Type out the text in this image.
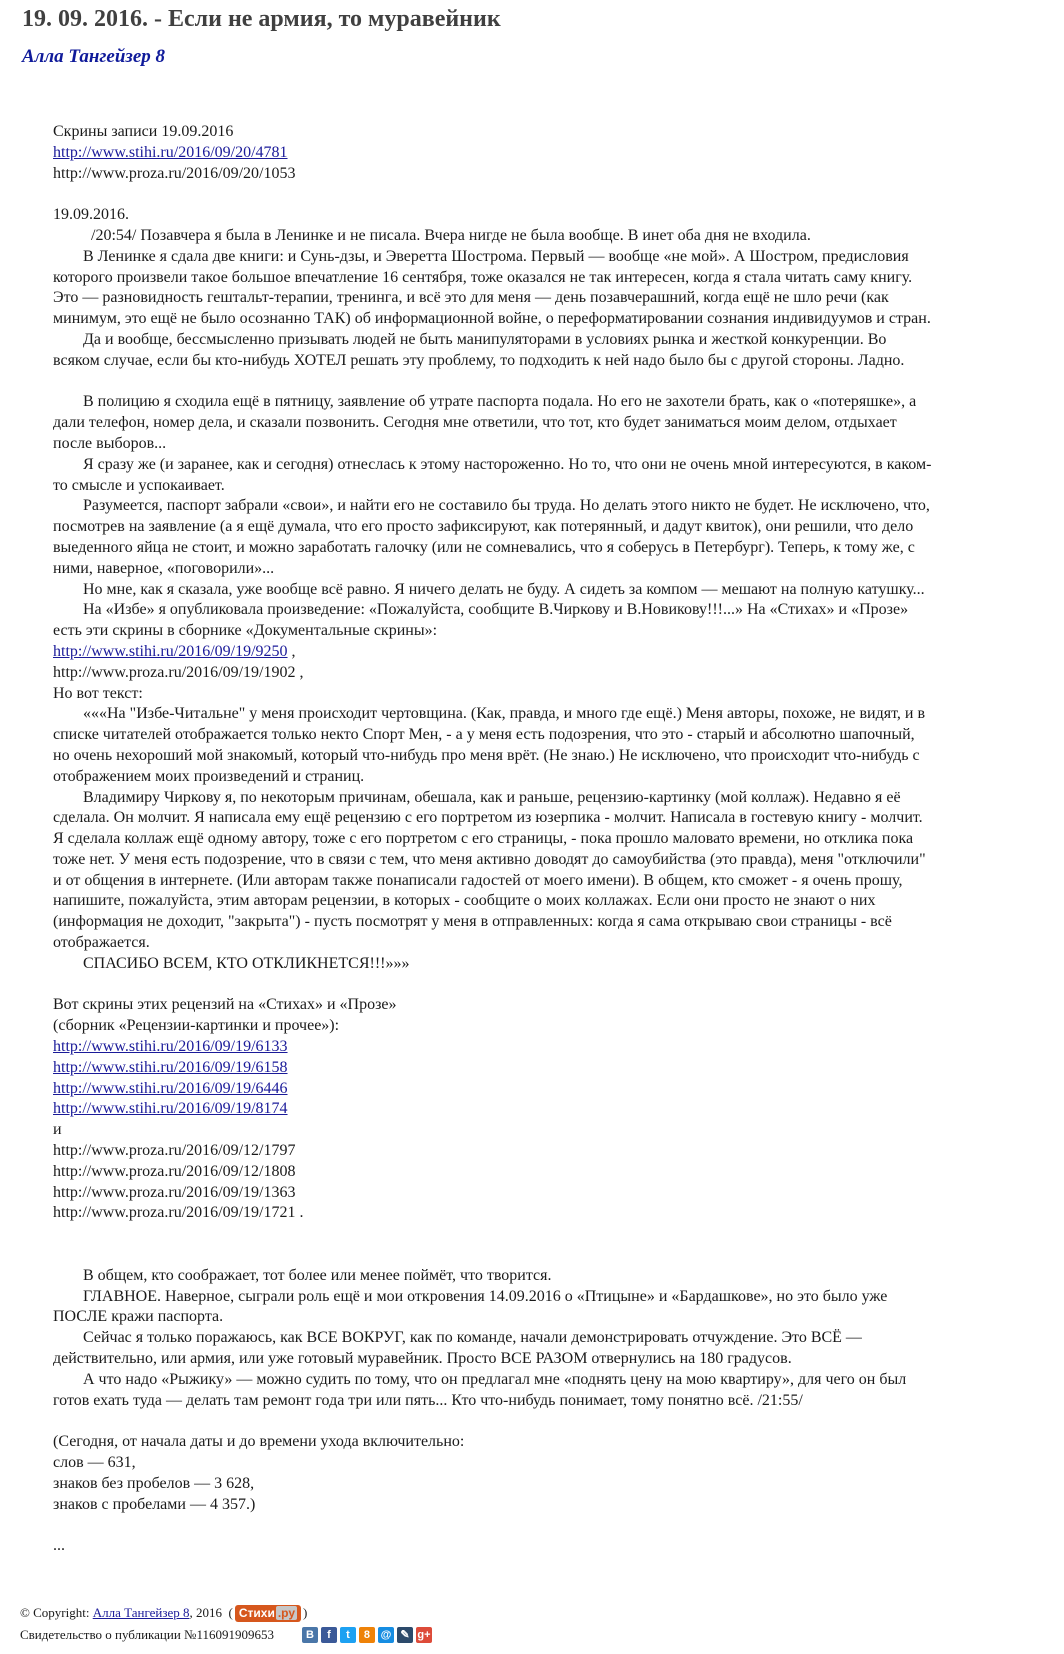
19. 09. 2016. - Если не армия, то муравейник
Алла Тангейзер 8
Скрины записи 19.09.2016
http://www.stihi.ru/2016/09/20/4781
http://www.proza.ru/2016/09/20/1053
19.09.2016.
/20:54/ Позавчера я была в Ленинке и не писала. Вчера нигде не была вообще. В инет оба дня не входила.
В Ленинке я сдала две книги: и Сунь-дзы, и Эверетта Шострома. Первый — вообще «не мой». А Шостром, предисловия
которого произвели такое большое впечатление 16 сентября, тоже оказался не так интересен, когда я стала читать саму книгу.
Это — разновидность гештальт-терапии, тренинга, и всё это для меня — день позавчерашний, когда ещё не шло речи (как
минимум, это ещё не было осознанно ТАК) об информационной войне, о переформатировании сознания индивидуумов и стран.
Да и вообще, бессмысленно призывать людей не быть манипуляторами в условиях рынка и жесткой конкуренции. Во
всяком случае, если бы кто-нибудь ХОТЕЛ решать эту проблему, то подходить к ней надо было бы с другой стороны. Ладно.
В полицию я сходила ещё в пятницу, заявление об утрате паспорта подала. Но его не захотели брать, как о «потеряшке», а
дали телефон, номер дела, и сказали позвонить. Сегодня мне ответили, что тот, кто будет заниматься моим делом, отдыхает
после выборов...
Я сразу же (и заранее, как и сегодня) отнеслась к этому настороженно. Но то, что они не очень мной интересуются, в каком-
то смысле и успокаивает.
Разумеется, паспорт забрали «свои», и найти его не составило бы труда. Но делать этого никто не будет. Не исключено, что,
посмотрев на заявление (а я ещё думала, что его просто зафиксируют, как потерянный, и дадут квиток), они решили, что дело
выеденного яйца не стоит, и можно заработать галочку (или не сомневались, что я соберусь в Петербург). Теперь, к тому же, с
ними, наверное, «поговорили»...
Но мне, как я сказала, уже вообще всё равно. Я ничего делать не буду. А сидеть за компом — мешают на полную катушку...
На «Избе» я опубликовала произведение: «Пожалуйста, сообщите В.Чиркову и В.Новикову!!!...» На «Стихах» и «Прозе»
есть эти скрины в сборнике «Документальные скрины»:
http://www.stihi.ru/2016/09/19/9250 ,
http://www.proza.ru/2016/09/19/1902 ,
Но вот текст:
«««На "Избе-Читальне" у меня происходит чертовщина. (Как, правда, и много где ещё.) Меня авторы, похоже, не видят, и в
списке читателей отображается только некто Спорт Мен, - а у меня есть подозрения, что это - старый и абсолютно шапочный,
но очень нехороший мой знакомый, который что-нибудь про меня врёт. (Не знаю.) Не исключено, что происходит что-нибудь с
отображением моих произведений и страниц.
Владимиру Чиркову я, по некоторым причинам, обешала, как и раньше, рецензию-картинку (мой коллаж). Недавно я её
сделала. Он молчит. Я написала ему ещё рецензию с его портретом из юзерпика - молчит. Написала в гостевую книгу - молчит.
Я сделала коллаж ещё одному автору, тоже с его портретом с его страницы, - пока прошло маловато времени, но отклика пока
тоже нет. У меня есть подозрение, что в связи с тем, что меня активно доводят до самоубийства (это правда), меня "отключили"
и от общения в интернете. (Или авторам также понаписали гадостей от моего имени). В общем, кто сможет - я очень прошу,
напишите, пожалуйста, этим авторам рецензии, в которых - сообщите о моих коллажах. Если они просто не знают о них
(информация не доходит, "закрыта") - пусть посмотрят у меня в отправленных: когда я сама открываю свои страницы - всё
отображается.
СПАСИБО ВСЕМ, КТО ОТКЛИКНЕТСЯ!!!»»»
Вот скрины этих рецензий на «Стихах» и «Прозе»
(сборник «Рецензии-картинки и прочее»):
http://www.stihi.ru/2016/09/19/6133
http://www.stihi.ru/2016/09/19/6158
http://www.stihi.ru/2016/09/19/6446
http://www.stihi.ru/2016/09/19/8174
и
http://www.proza.ru/2016/09/12/1797
http://www.proza.ru/2016/09/12/1808
http://www.proza.ru/2016/09/19/1363
http://www.proza.ru/2016/09/19/1721 .
В общем, кто соображает, тот более или менее поймёт, что творится.
ГЛАВНОЕ. Наверное, сыграли роль ещё и мои откровения 14.09.2016 о «Птицыне» и «Бардашкове», но это было уже
ПОСЛЕ кражи паспорта.
Сейчас я только поражаюсь, как ВСЕ ВОКРУГ, как по команде, начали демонстрировать отчуждение. Это ВСЁ —
действительно, или армия, или уже готовый муравейник. Просто ВСЕ РАЗОМ отвернулись на 180 градусов.
А что надо «Рыжику» — можно судить по тому, что он предлагал мне «поднять цену на мою квартиру», для чего он был
готов ехать туда — делать там ремонт года три или пять... Кто что-нибудь понимает, тому понятно всё. /21:55/
(Сегодня, от начала даты и до времени ухода включительно:
слов — 631,
знаков без пробелов — 3 628,
знаков с пробелами — 4 357.)
...
© Copyright:
Алла Тангейзер 8 , 2016 ( Стихи .ру )
Свидетельство о публикации №116091909653	B	f	t	8 @ ✎ g+
